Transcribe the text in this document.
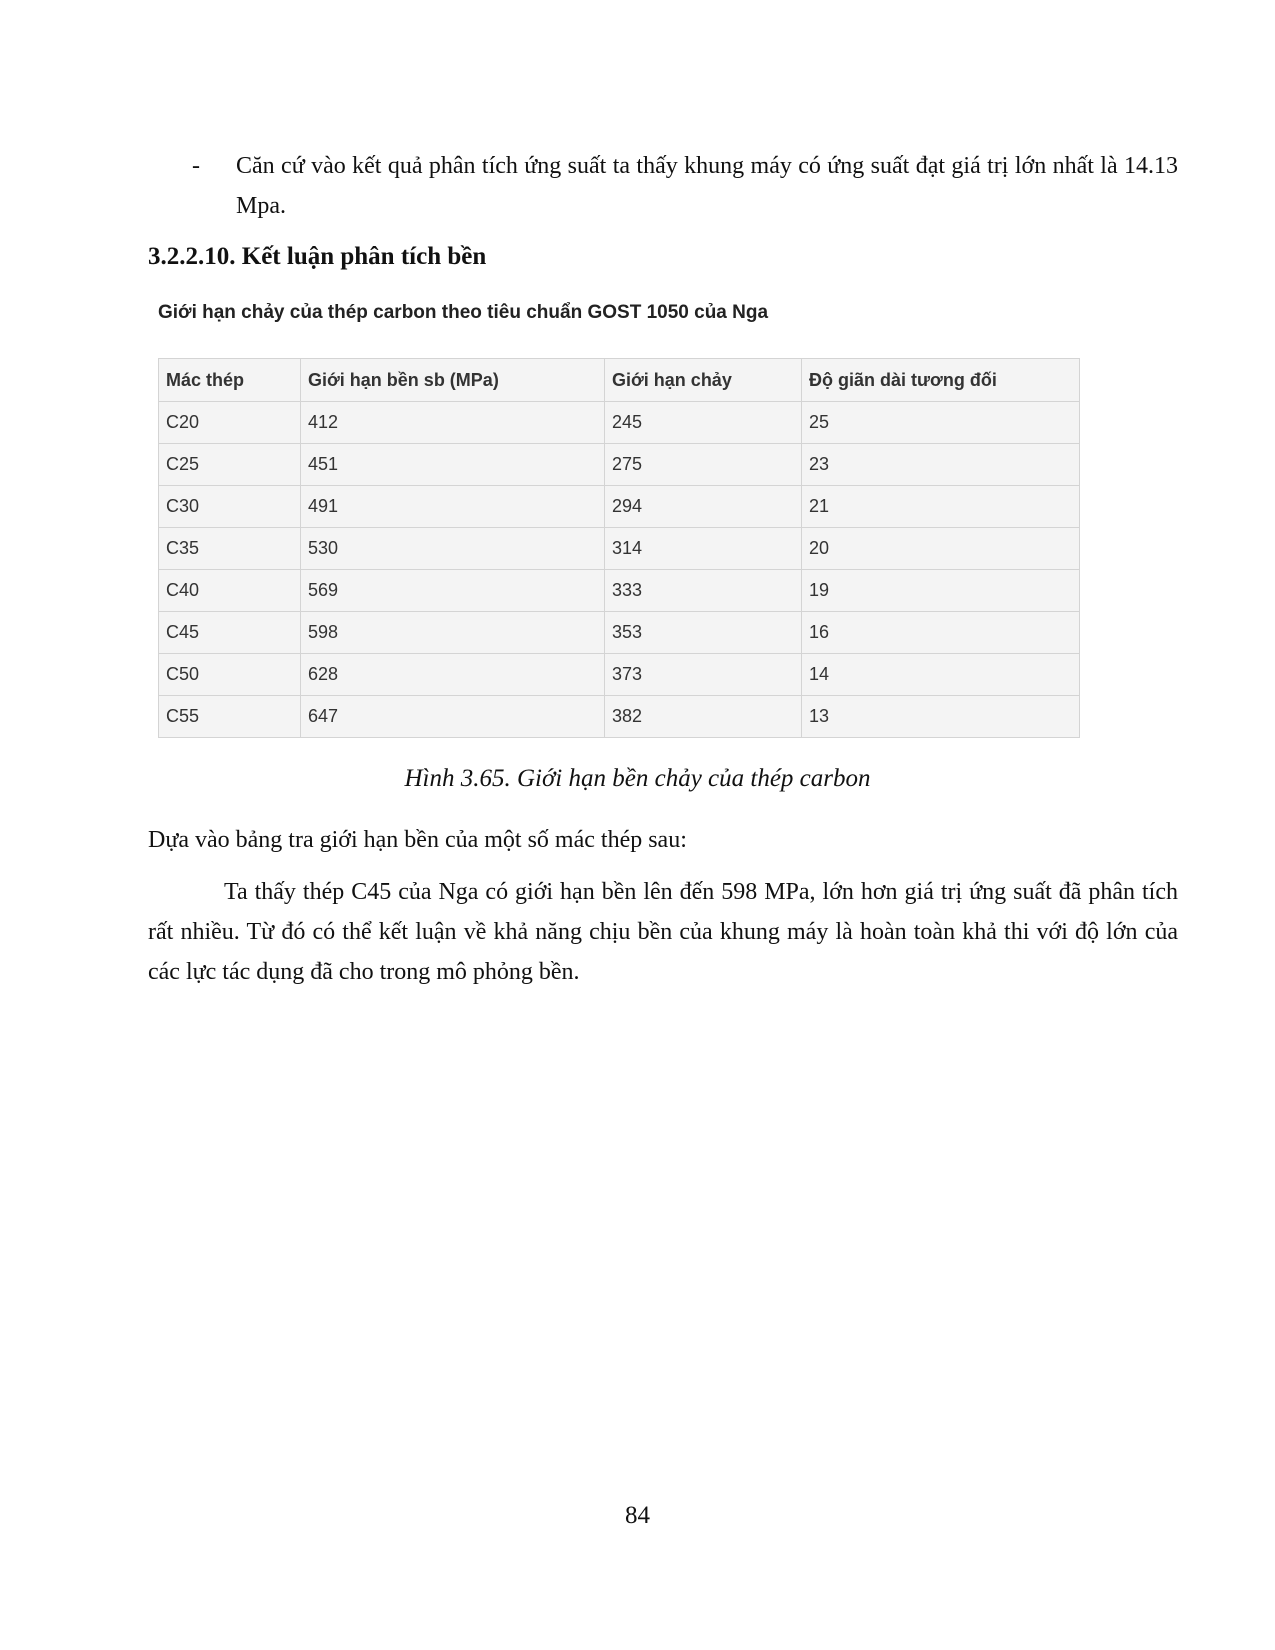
-	Căn cứ vào kết quả phân tích ứng suất ta thấy khung máy có ứng suất đạt giá trị lớn nhất là 14.13 Mpa.
3.2.2.10. Kết luận phân tích bền
Giới hạn chảy của thép carbon theo tiêu chuẩn GOST 1050 của Nga
Mác thép	Giới hạn bền sb (MPa)	Giới hạn chảy	Độ giãn dài tương đối
C20	412	245	25
C25	451	275	23
C30	491	294	21
C35	530	314	20
C40	569	333	19
C45	598	353	16
C50	628	373	14
C55	647	382	13
Hình 3.65. Giới hạn bền chảy của thép carbon
Dựa vào bảng tra giới hạn bền của một số mác thép sau:
Ta thấy thép C45 của Nga có giới hạn bền lên đến 598 MPa, lớn hơn giá trị ứng suất đã phân tích rất nhiều. Từ đó có thể kết luận về khả năng chịu bền của khung máy là hoàn toàn khả thi với độ lớn của các lực tác dụng đã cho trong mô phỏng bền.
84
